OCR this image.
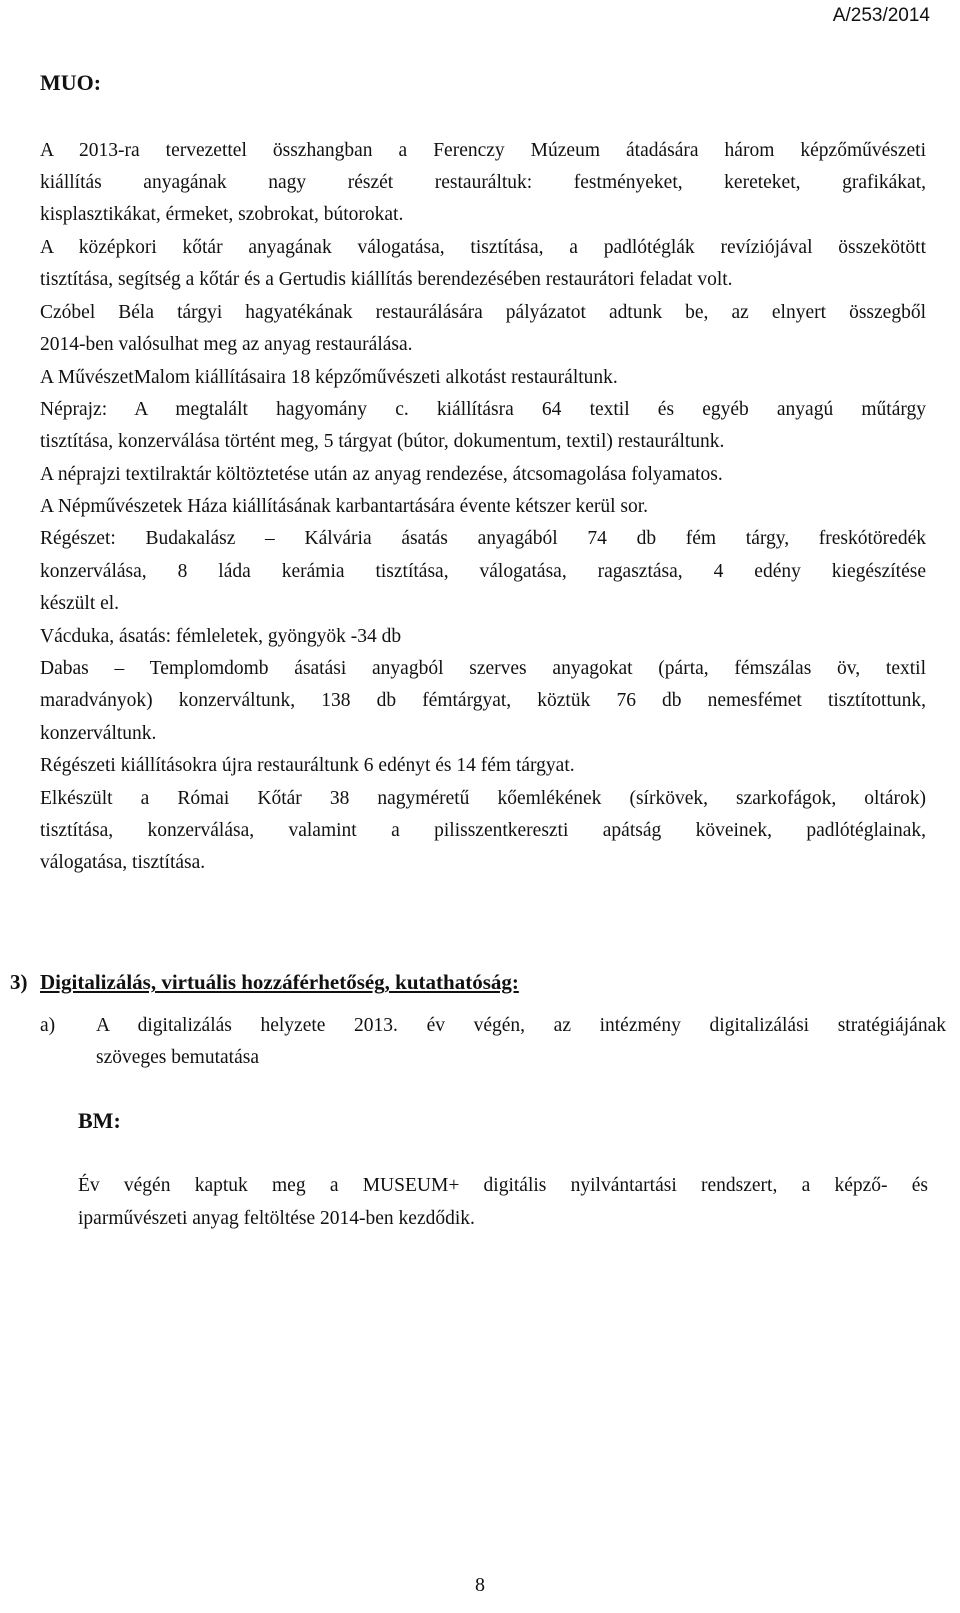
A/253/2014
MUO:

A 2013-ra tervezettel összhangban a Ferenczy Múzeum átadására három képzőművészeti

kiállítás anyagának nagy részét restauráltuk: festményeket, kereteket, grafikákat,

kisplasztikákat, érmeket, szobrokat, bútorokat.

A középkori kőtár anyagának válogatása, tisztítása, a padlótéglák revíziójával összekötött

tisztítása, segítség a kőtár és a Gertudis kiállítás berendezésében restaurátori feladat volt.

Czóbel Béla tárgyi hagyatékának restaurálására pályázatot adtunk be, az elnyert összegből

2014-ben valósulhat meg az anyag restaurálása.

A MűvészetMalom kiállításaira 18 képzőművészeti alkotást restauráltunk.

Néprajz: A megtalált hagyomány c. kiállításra 64 textil és egyéb anyagú műtárgy

tisztítása, konzerválása történt meg, 5 tárgyat (bútor, dokumentum, textil) restauráltunk.

A néprajzi textilraktár költöztetése után az anyag rendezése, átcsomagolása folyamatos.

A Népművészetek Háza kiállításának karbantartására évente kétszer kerül sor.

Régészet: Budakalász – Kálvária ásatás anyagából 74 db fém tárgy, freskótöredék

konzerválása, 8 láda kerámia tisztítása, válogatása, ragasztása, 4 edény kiegészítése

készült el.

Vácduka, ásatás: fémleletek, gyöngyök -34 db

Dabas – Templomdomb ásatási anyagból szerves anyagokat (párta, fémszálas öv, textil

maradványok) konzerváltunk, 138 db fémtárgyat, köztük 76 db nemesfémet tisztítottunk,

konzerváltunk.

Régészeti kiállításokra újra restauráltunk 6 edényt és 14 fém tárgyat.

Elkészült a Római Kőtár 38 nagyméretű kőemlékének (sírkövek, szarkofágok, oltárok)

tisztítása, konzerválása, valamint a pilisszentkereszti apátság köveinek, padlótéglainak,

válogatása, tisztítása.

3) Digitalizálás, virtuális hozzáférhetőség, kutathatóság:
a) A digitalizálás helyzete 2013. év végén, az intézmény digitalizálási stratégiájának
szöveges bemutatása
BM:

Év végén kaptuk meg a MUSEUM+ digitális nyilvántartási rendszert, a képző- és

iparművészeti anyag feltöltése 2014-ben kezdődik.

8
